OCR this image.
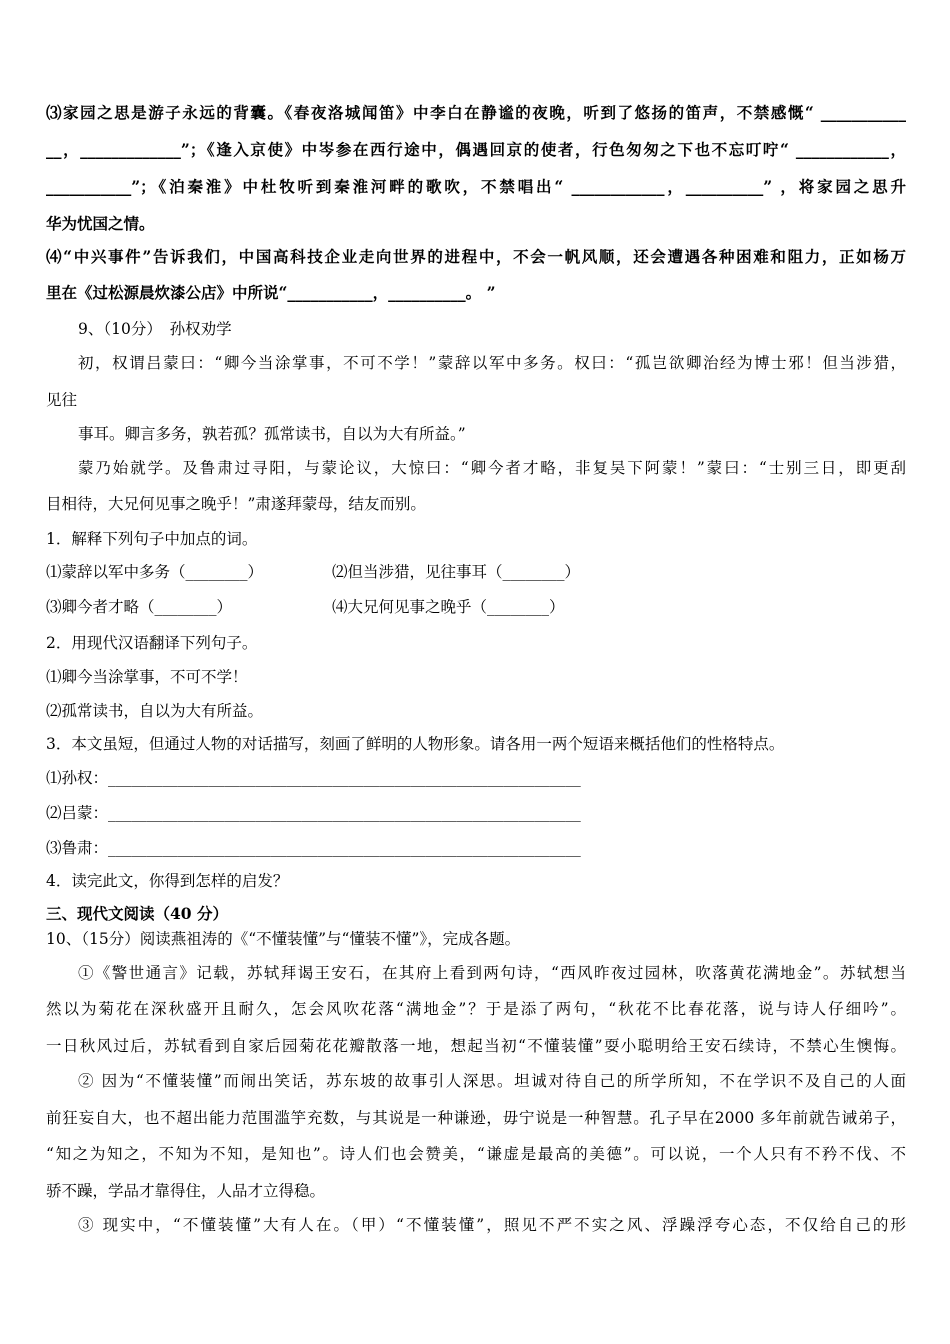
⑶家园之思是游子永远的背囊。《春夜洛城闻笛》中李白在静谧的夜晚，听到了悠扬的笛声，不禁感慨“ ___________
__，_____________”；《逢入京使》中岑参在西行途中，偶遇回京的使者，行色匆匆之下也不忘叮咛“ ____________，
___________”；《泊秦淮》中杜牧听到秦淮河畔的歌吹，不禁唱出“ ____________，__________” ，将家园之思升
华为忧国之情。
⑷“中兴事件”告诉我们，中国高科技企业走向世界的进程中，不会一帆风顺，还会遭遇各种困难和阻力，正如杨万
里在《过松源晨炊漆公店》中所说“___________，__________。 ”
9、（10分）　孙权劝学
初，权谓吕蒙曰：“卿今当涂掌事，不可不学！”蒙辞以军中多务。权曰：“孤岂欲卿治经为博士邪！但当涉猎，
见往
事耳。卿言多务，孰若孤？孤常读书，自以为大有所益。”
蒙乃始就学。及鲁肃过寻阳，与蒙论议，大惊曰：“卿今者才略，非复吴下阿蒙！”蒙曰：“士别三日，即更刮
目相待，大兄何见事之晚乎！”肃遂拜蒙母，结友而别。
1．解释下列句子中加点的词。
⑴蒙辞以军中多务（________）	⑵但当涉猎，见往事耳（________）
⑶卿今者才略（________）	⑷大兄何见事之晚乎（________）
2．用现代汉语翻译下列句子。
⑴卿今当涂掌事，不可不学！
⑵孤常读书，自以为大有所益。
3．本文虽短，但通过人物的对话描写，刻画了鲜明的人物形象。请各用一两个短语来概括他们的性格特点。
⑴孙权：_____________________________________________________________
⑵吕蒙：_____________________________________________________________
⑶鲁肃：_____________________________________________________________
4．读完此文，你得到怎样的启发？
三、现代文阅读（40 分）
10、（15分）阅读燕祖涛的《“不懂装懂”与“懂装不懂”》，完成各题。
①《警世通言》记载，苏轼拜谒王安石，在其府上看到两句诗，“西风昨夜过园林，吹落黄花满地金”。苏轼想当
然以为菊花在深秋盛开且耐久，怎会风吹花落“满地金”？于是添了两句，“秋花不比春花落，说与诗人仔细吟”。
一日秋风过后，苏轼看到自家后园菊花花瓣散落一地，想起当初“不懂装懂”耍小聪明给王安石续诗，不禁心生懊悔。
② 因为“不懂装懂”而闹出笑话，苏东坡的故事引人深思。坦诚对待自己的所学所知，不在学识不及自己的人面
前狂妄自大，也不超出能力范围滥竽充数，与其说是一种谦逊，毋宁说是一种智慧。孔子早在2000 多年前就告诫弟子，
“知之为知之，不知为不知，是知也”。诗人们也会赞美，“谦虚是最高的美德”。可以说，一个人只有不矜不伐、不
骄不躁，学品才靠得住，人品才立得稳。
③ 现实中，“不懂装懂”大有人在。（甲）“不懂装懂”，照见不严不实之风、浮躁浮夸心态，不仅给自己的形
